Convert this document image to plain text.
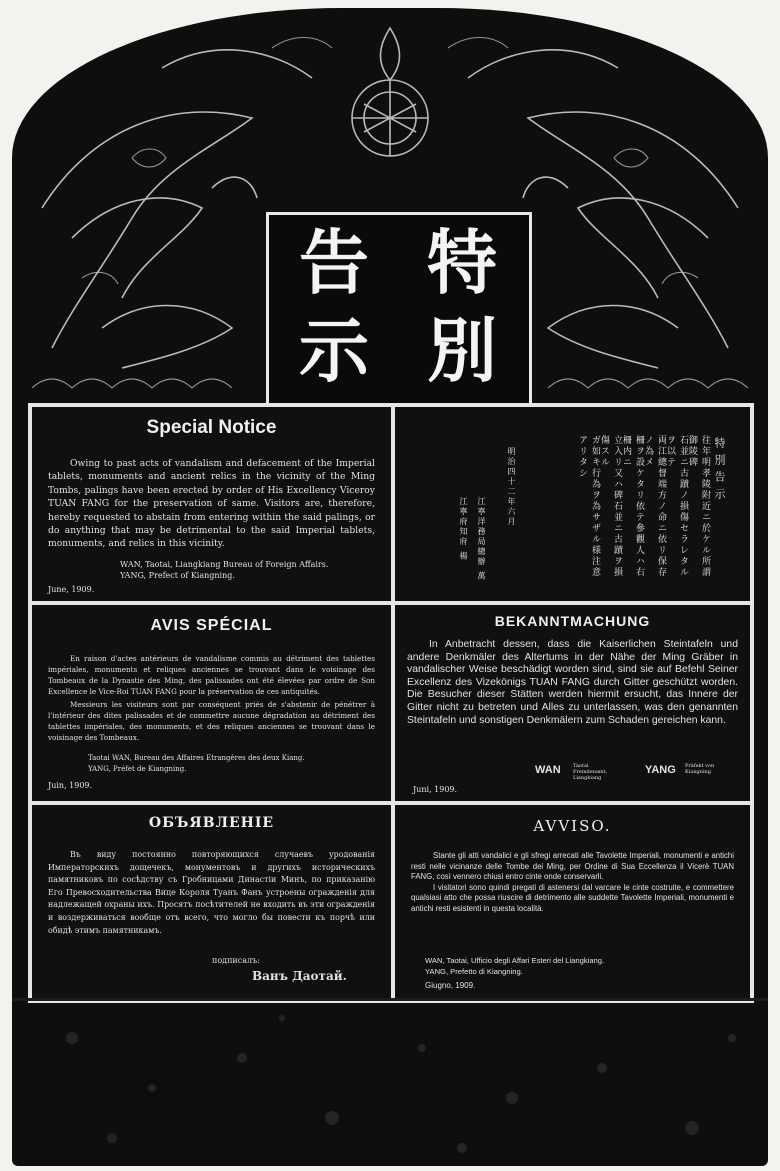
特
別
告
示
Special Notice

Owing to past acts of vandalism and defacement of the Imperial tablets, monuments and ancient relics in the vicinity of the Ming Tombs, palings have been erected by order of His Excellency Viceroy TUAN FANG for the preservation of same. Visitors are, therefore, hereby requested to abstain from entering within the said palings, or do anything that may be detrimental to the said Imperial tablets, monuments, and relics in this vicinity.

WAN, Taotai, Liangkiang Bureau of Foreign Affairs.
YANG, Prefect of Kiangning.
June, 1909.
特別告示
往年明孝陵附近ニ於ケル所謂御陵碑
石並ニ古蹟ノ損傷セラレタルヲ以テ
両江總督端方ノ命ニ依リ保存ノ為メ
柵ヲ設ケタリ依テ參觀人ハ右柵内ニ
立入リ又ハ碑石並ニ古蹟ヲ損傷スル
ガ如キ行為ヲ為サザル様注意アリタシ
明治四十二年六月
江寧洋務局總辦 萬
江寧府知府 楊
AVIS SPÉCIAL

En raison d'actes antérieurs de vandalisme commis au détriment des tablettes impériales, monuments et reliques anciennes se trouvant dans le voisinage des Tombeaux de la Dynastie des Ming, des palissades ont été élevées par ordre de Son Excellence le Vice-Roi TUAN FANG pour la préservation de ces antiquités.

Messieurs les visiteurs sont par conséquent priés de s'abstenir de pénétrer à l'intérieur des dites palissades et de commettre aucune dégradation au détriment des tablettes impériales, des monuments, et des reliques anciennes se trouvant dans le voisinage des Tombeaux.

Taotai WAN, Bureau des Affaires Etrangères des deux Kiang.
YANG, Préfet de Kiangning.
Juin, 1909.
BEKANNTMACHUNG

In Anbetracht dessen, dass die Kaiserlichen Steintafeln und andere Denkmäler des Altertums in der Nähe der Ming Gräber in vandalischer Weise beschädigt worden sind, sind sie auf Befehl Seiner Excellenz des Vizekönigs TUAN FANG durch Gitter geschützt worden. Die Besucher dieser Stätten werden hiermit ersucht, das Innere der Gitter nicht zu betreten und Alles zu unterlassen, was den genannten Steintafeln und sonstigen Denkmälern zum Schaden gereichen kann.

WAN Taotai Fremdenamt, Liangkiang
YANG Präfekt von Kiangning
Juni, 1909.
ОБЪЯВЛЕНІЕ

Въ виду постоянно повторяющихся случаевъ уродованія Императорскихъ дощечекъ, монументовъ и другихъ историческихъ памятниковъ по сосѣдству съ Гробницами Династіи Минъ, по приказанію Его Превосходительства Вице Короля Туанъ Фанъ устроены огражденія для надлежащей охраны ихъ. Просятъ посѣтителей не входить въ эти огражденія и воздерживаться вообще отъ всего, что могло бы повести къ порчѣ или обидѣ этимъ памятникамъ.

подписалъ:
Ванъ Даотай.
AVVISO.

Stante gli atti vandalici e gli sfregi arrecati alle Tavolette Imperiali, monumenti e antichi resti nelle vicinanze delle Tombe dei Ming, per Ordine di Sua Eccellenza il Vicerè TUAN FANG, così vennero chiusi entro cinte onde conservarli.

I visitatori sono quindi pregati di astenersi dal varcare le cinte costruite, e commettere qualsiasi atto che possa riuscire di detrimento alle suddette Tavolette Imperiali, monumenti e antichi resti esistenti in questa località.

WAN, Taotai, Ufficio degli Affari Esteri del Liangkiang.
YANG, Prefetto di Kiangning.
Giugno, 1909.
